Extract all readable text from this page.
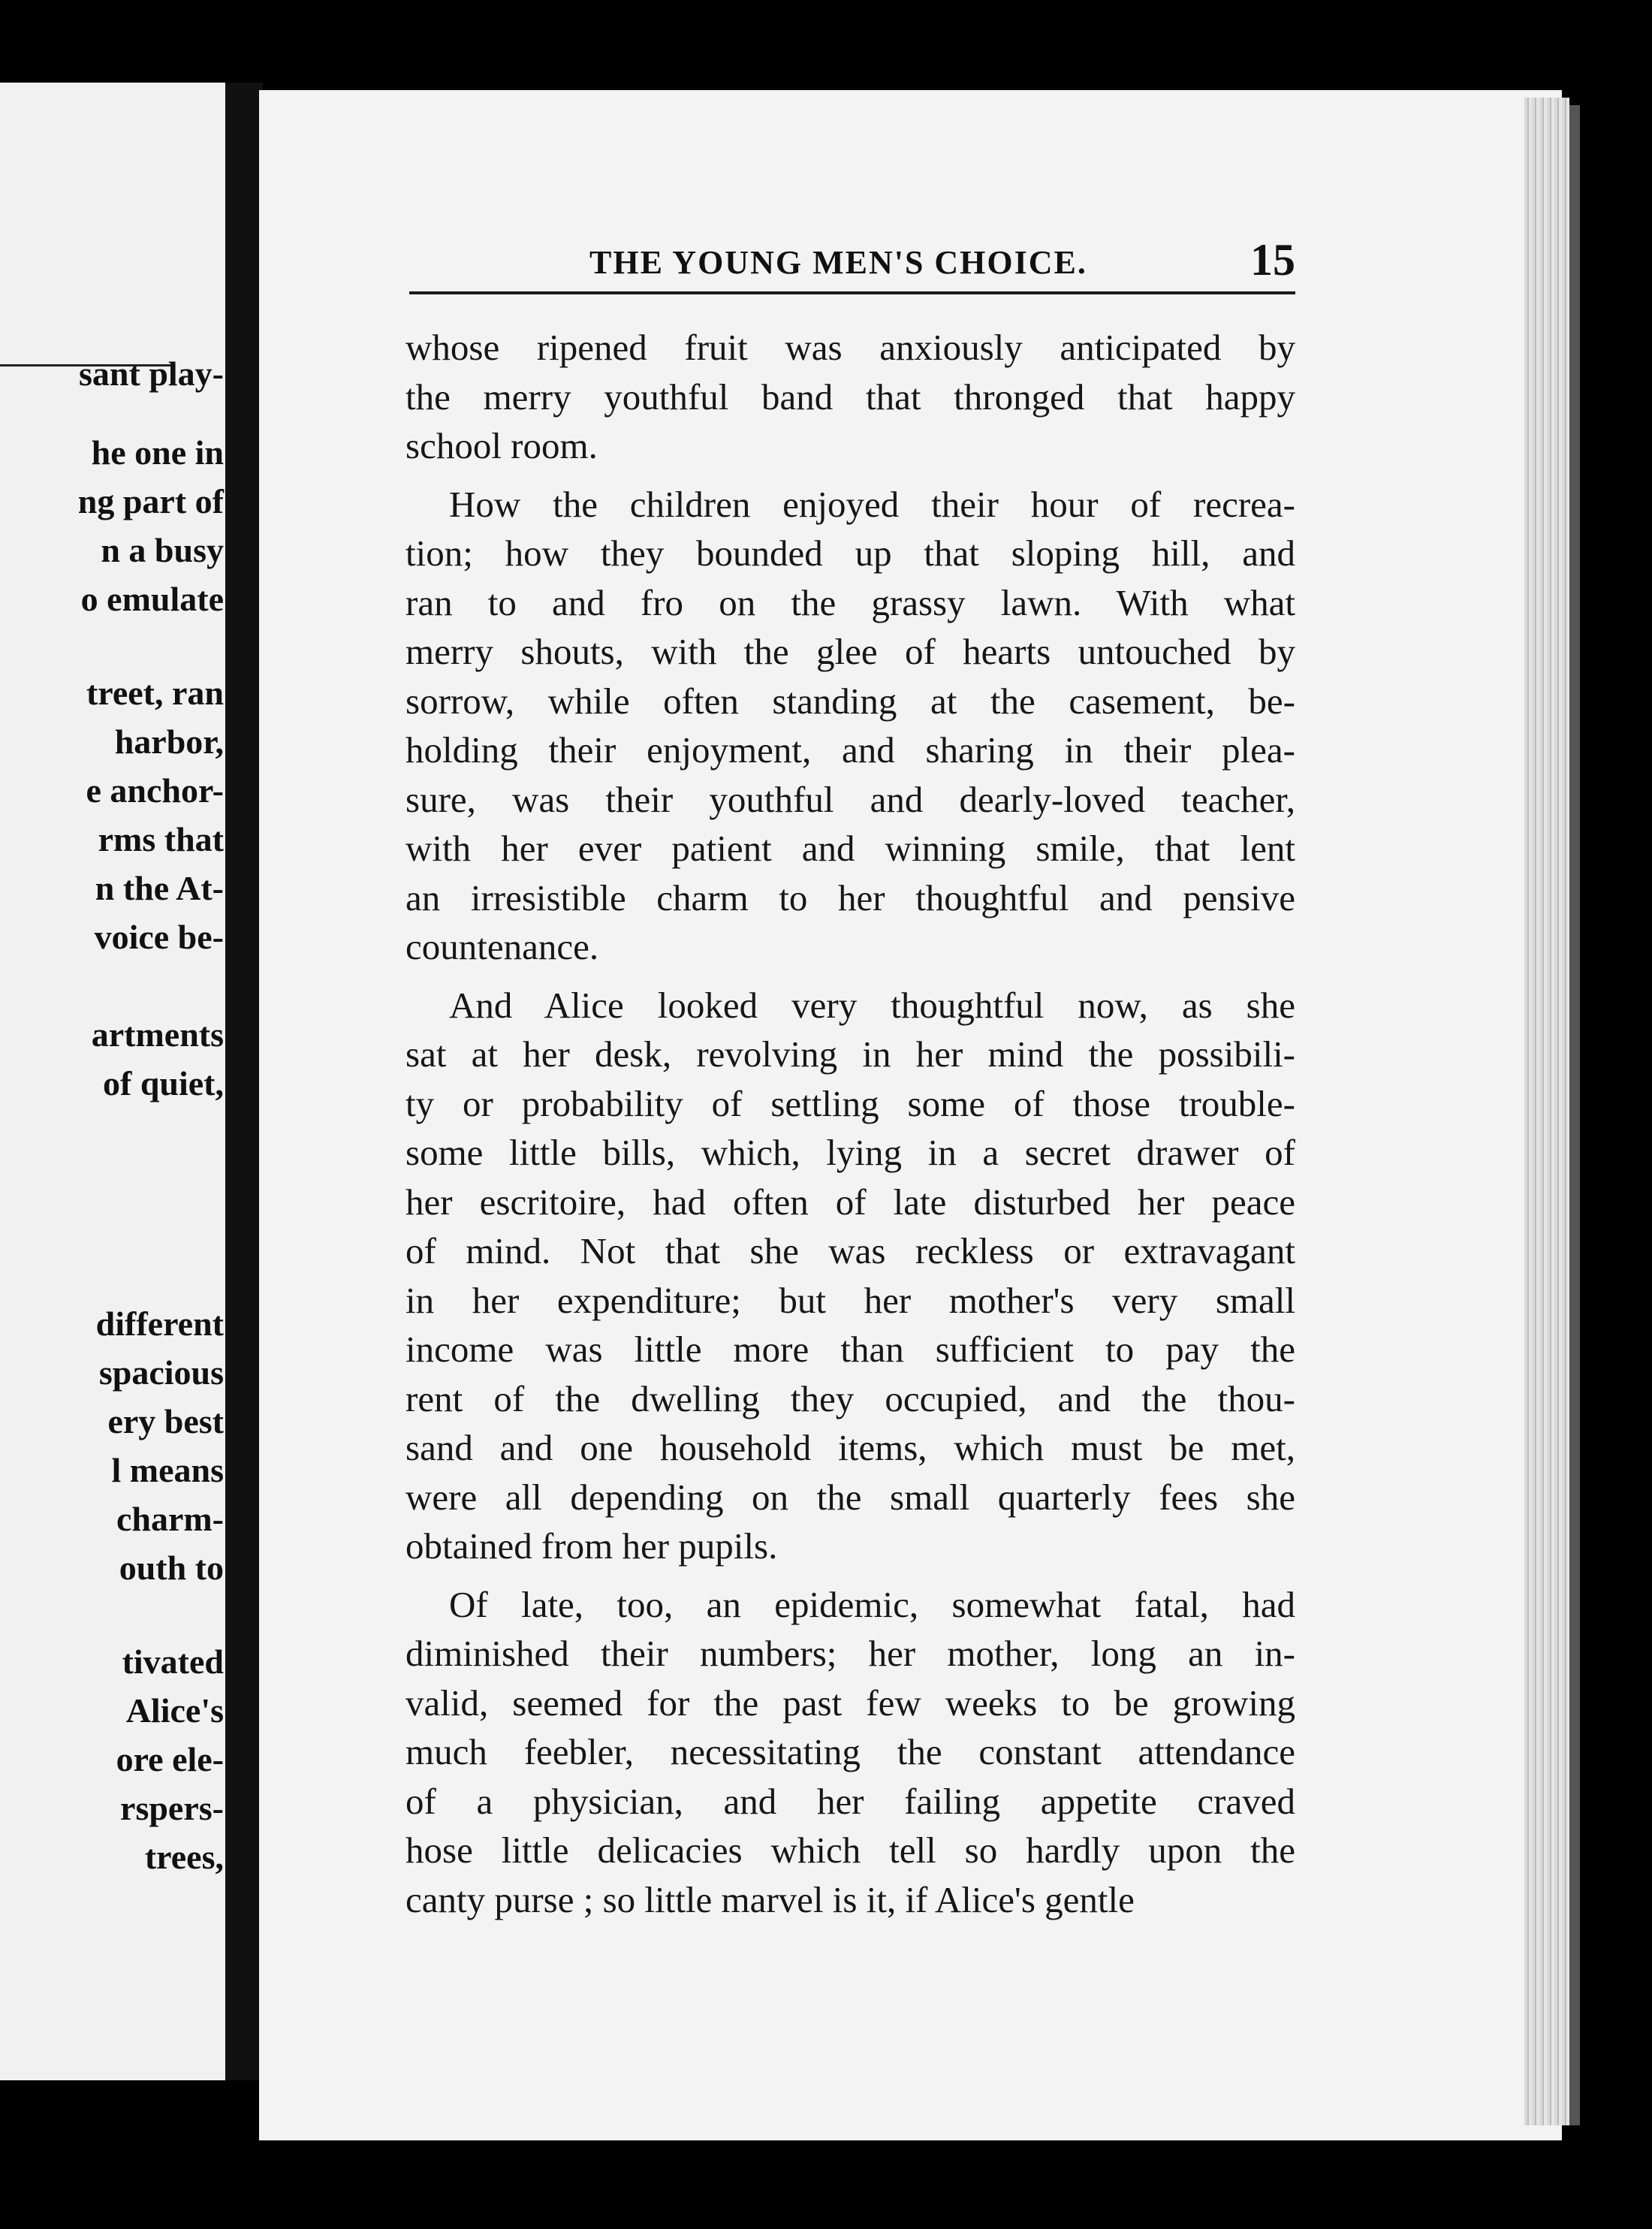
sant play-
he one in
ng part of
n a busy
o emulate
treet, ran
harbor,
e anchor-
rms that
n the At-
voice be-
artments
of quiet,
different
spacious
ery best
l means
charm-
outh to
tivated
Alice's
ore ele-
rspers-
trees,
THE YOUNG MEN'S CHOICE.	15
whose ripened fruit was anxiously anticipated by
the merry youthful band that thronged that happy
school room.
How the children enjoyed their hour of recrea-
tion; how they bounded up that sloping hill, and
ran to and fro on the grassy lawn. With what
merry shouts, with the glee of hearts untouched by
sorrow, while often standing at the casement, be-
holding their enjoyment, and sharing in their plea-
sure, was their youthful and dearly-loved teacher,
with her ever patient and winning smile, that lent
an irresistible charm to her thoughtful and pensive
countenance.
And Alice looked very thoughtful now, as she
sat at her desk, revolving in her mind the possibili-
ty or probability of settling some of those trouble-
some little bills, which, lying in a secret drawer of
her escritoire, had often of late disturbed her peace
of mind. Not that she was reckless or extravagant
in her expenditure; but her mother's very small
income was little more than sufficient to pay the
rent of the dwelling they occupied, and the thou-
sand and one household items, which must be met,
were all depending on the small quarterly fees she
obtained from her pupils.
Of late, too, an epidemic, somewhat fatal, had
diminished their numbers; her mother, long an in-
valid, seemed for the past few weeks to be growing
much feebler, necessitating the constant attendance
of a physician, and her failing appetite craved
hose little delicacies which tell so hardly upon the
canty purse ; so little marvel is it, if Alice's gentle
